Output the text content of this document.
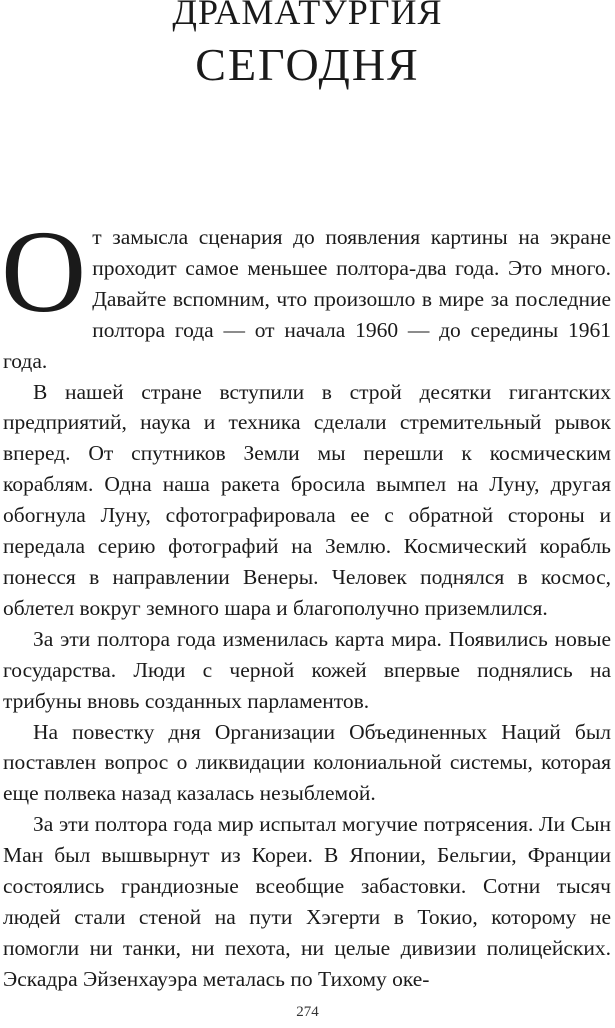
ДРАМАТУРГИЯ
СЕГОДНЯ

От замысла сценария до появления картины на экране проходит самое меньшее полтора-два года. Это много. Давайте вспомним, что произошло в мире за последние полтора года — от начала 1960 — до середины 1961 года.

В нашей стране вступили в строй десятки гигантских предприятий, наука и техника сделали стремительный рывок вперед. От спутников Земли мы перешли к космическим кораблям. Одна наша ракета бросила вымпел на Луну, другая обогнула Луну, сфотографировала ее с обратной стороны и передала серию фотографий на Землю. Космический корабль понесся в направлении Венеры. Человек поднялся в космос, облетел вокруг земного шара и благополучно приземлился.

За эти полтора года изменилась карта мира. Появились новые государства. Люди с черной кожей впервые поднялись на трибуны вновь созданных парламентов.

На повестку дня Организации Объединенных Наций был поставлен вопрос о ликвидации колониальной системы, которая еще полвека назад казалась незыблемой.

За эти полтора года мир испытал могучие потрясения. Ли Сын Ман был вышвырнут из Кореи. В Японии, Бельгии, Франции состоялись грандиозные всеобщие забастовки. Сотни тысяч людей стали стеной на пути Хэгерти в Токио, которому не помогли ни танки, ни пехота, ни целые дивизии полицейских. Эскадра Эйзенхауэра металась по Тихому оке-

274
